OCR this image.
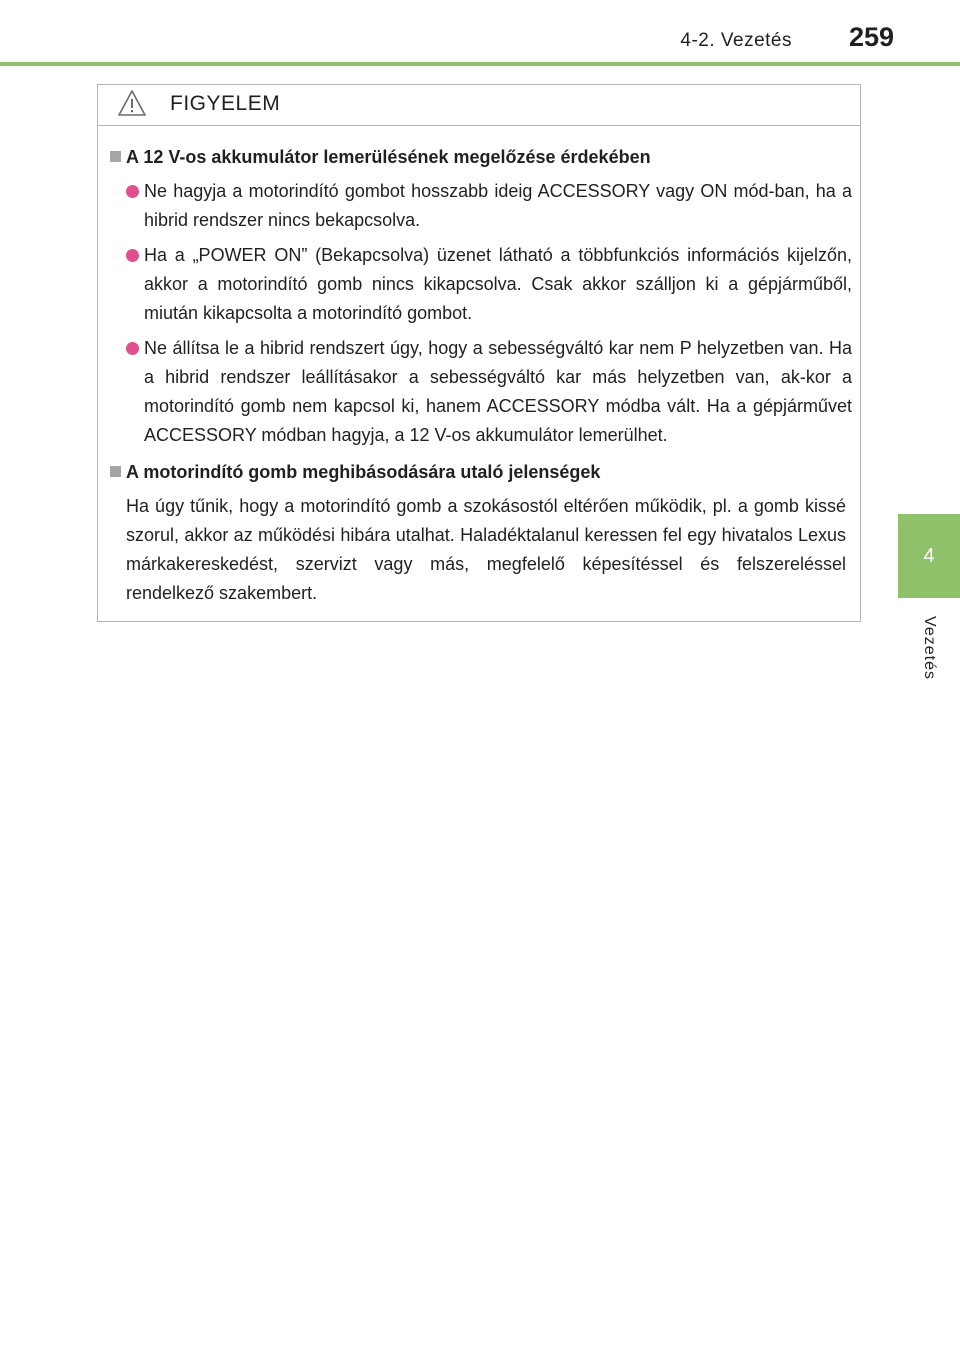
4-2. Vezetés 259
4
Vezetés
FIGYELEM
A 12 V-os akkumulátor lemerülésének megelőzése érdekében
Ne hagyja a motorindító gombot hosszabb ideig ACCESSORY vagy ON mód-ban, ha a hibrid rendszer nincs bekapcsolva.
Ha a „POWER ON” (Bekapcsolva) üzenet látható a többfunkciós információs kijelzőn, akkor a motorindító gomb nincs kikapcsolva. Csak akkor szálljon ki a gépjárműből, miután kikapcsolta a motorindító gombot.
Ne állítsa le a hibrid rendszert úgy, hogy a sebességváltó kar nem P helyzetben van. Ha a hibrid rendszer leállításakor a sebességváltó kar más helyzetben van, ak-kor a motorindító gomb nem kapcsol ki, hanem ACCESSORY módba vált. Ha a gépjárművet ACCESSORY módban hagyja, a 12 V-os akkumulátor lemerülhet.
A motorindító gomb meghibásodására utaló jelenségek
Ha úgy tűnik, hogy a motorindító gomb a szokásostól eltérően működik, pl. a gomb kissé szorul, akkor az működési hibára utalhat. Haladéktalanul keressen fel egy hivatalos Lexus márkakereskedést, szervizt vagy más, megfelelő képesítéssel és felszereléssel rendelkező szakembert.
